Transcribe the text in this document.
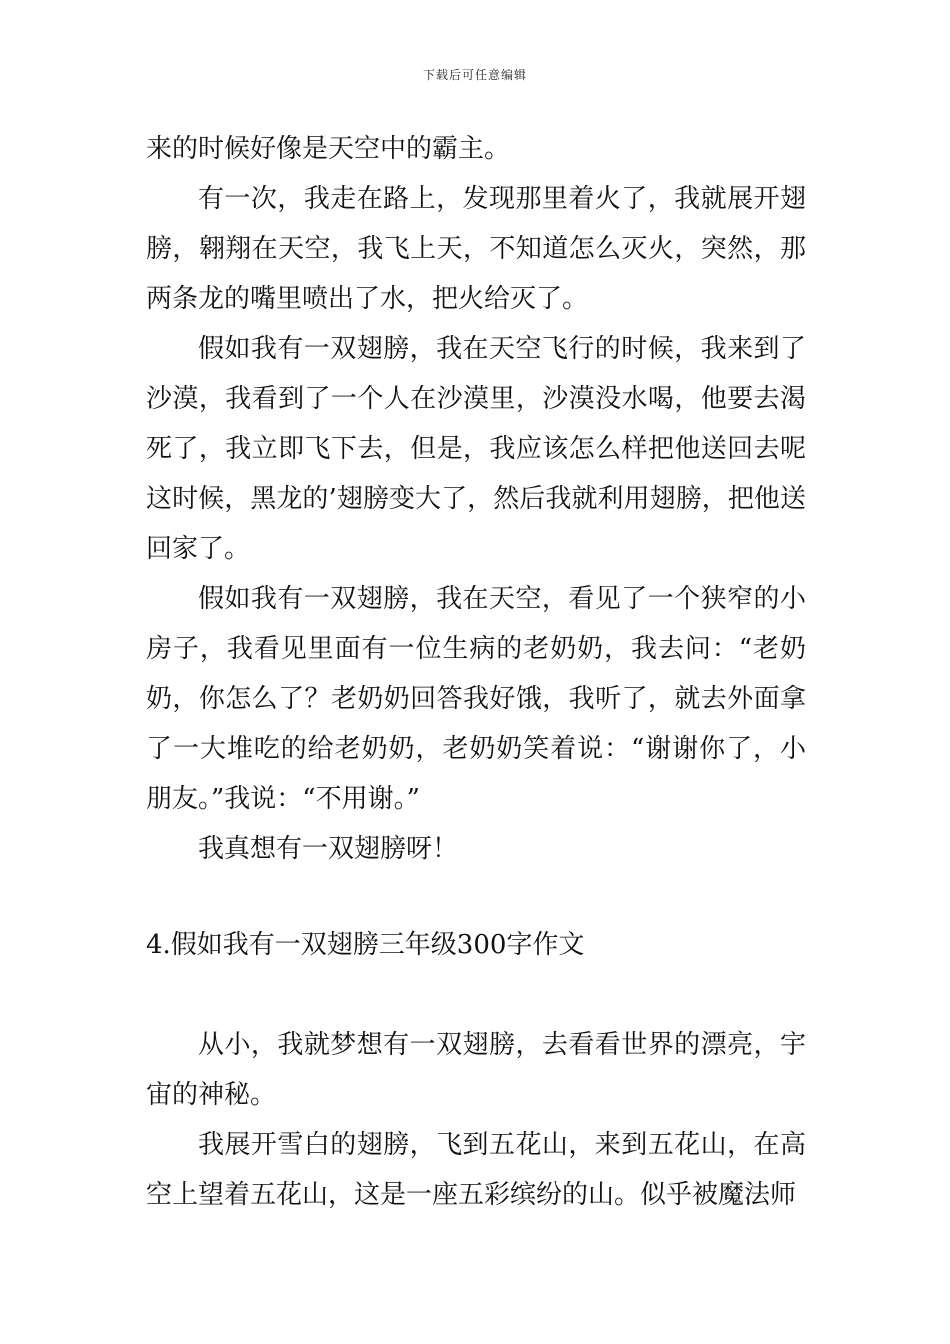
下载后可任意编辑

来的时候好像是天空中的霸主。

有一次，我走在路上，发现那里着火了，我就展开翅膀，翱翔在天空，我飞上天，不知道怎么灭火，突然，那两条龙的嘴里喷出了水，把火给灭了。

假如我有一双翅膀，我在天空飞行的时候，我来到了沙漠，我看到了一个人在沙漠里，沙漠没水喝，他要去渴死了，我立即飞下去，但是，我应该怎么样把他送回去呢这时候，黑龙的’翅膀变大了，然后我就利用翅膀，把他送回家了。

假如我有一双翅膀，我在天空，看见了一个狭窄的小房子，我看见里面有一位生病的老奶奶，我去问：“老奶奶，你怎么了？老奶奶回答我好饿，我听了，就去外面拿了一大堆吃的给老奶奶，老奶奶笑着说：“谢谢你了，小朋友。”我说：“不用谢。”

我真想有一双翅膀呀！

4.假如我有一双翅膀三年级300字作文

从小，我就梦想有一双翅膀，去看看世界的漂亮，宇宙的神秘。

我展开雪白的翅膀，飞到五花山，来到五花山，在高空上望着五花山，这是一座五彩缤纷的山。似乎被魔法师
